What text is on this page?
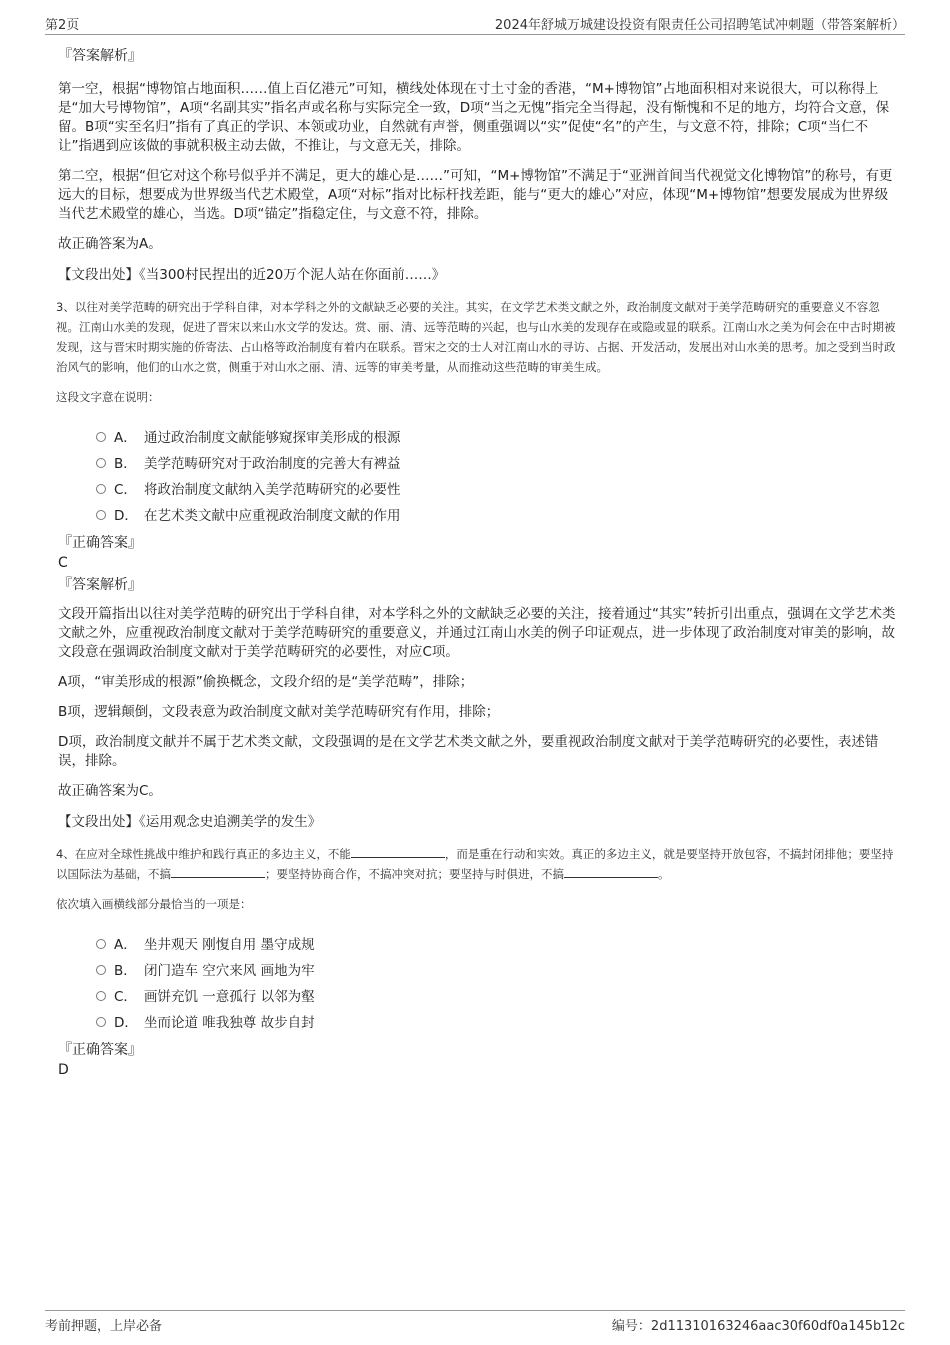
第2页	2024年舒城万城建设投资有限责任公司招聘笔试冲刺题（带答案解析）

『答案解析』

第一空，根据“博物馆占地面积……值上百亿港元”可知，横线处体现在寸土寸金的香港，“M+博物馆”占地面积相对来说很大，可以称得上是“加大号博物馆”，A项“名副其实”指名声或名称与实际完全一致，D项“当之无愧”指完全当得起，没有惭愧和不足的地方，均符合文意，保留。B项“实至名归”指有了真正的学识、本领或功业，自然就有声誉，侧重强调以“实”促使“名”的产生，与文意不符，排除；C项“当仁不让”指遇到应该做的事就积极主动去做，不推让，与文意无关，排除。

第二空，根据“但它对这个称号似乎并不满足，更大的雄心是……”可知，“M+博物馆”不满足于“亚洲首间当代视觉文化博物馆”的称号，有更远大的目标，想要成为世界级当代艺术殿堂，A项“对标”指对比标杆找差距，能与“更大的雄心”对应，体现“M+博物馆”想要发展成为世界级当代艺术殿堂的雄心，当选。D项“锚定”指稳定住，与文意不符，排除。

故正确答案为A。

【文段出处】《当300村民捏出的近20万个泥人站在你面前……》

3、以往对美学范畴的研究出于学科自律，对本学科之外的文献缺乏必要的关注。其实，在文学艺术类文献之外，政治制度文献对于美学范畴研究的重要意义不容忽视。江南山水美的发现，促进了晋宋以来山水文学的发达。赏、丽、清、远等范畴的兴起，也与山水美的发现存在或隐或显的联系。江南山水之美为何会在中古时期被发现，这与晋宋时期实施的侨寄法、占山格等政治制度有着内在联系。晋宋之交的士人对江南山水的寻访、占据、开发活动，发展出对山水美的思考。加之受到当时政治风气的影响，他们的山水之赏，侧重于对山水之丽、清、远等的审美考量，从而推动这些范畴的审美生成。

这段文字意在说明：

A． 通过政治制度文献能够窥探审美形成的根源
B． 美学范畴研究对于政治制度的完善大有裨益
C． 将政治制度文献纳入美学范畴研究的必要性
D． 在艺术类文献中应重视政治制度文献的作用

『正确答案』

C

『答案解析』

文段开篇指出以往对美学范畴的研究出于学科自律，对本学科之外的文献缺乏必要的关注，接着通过“其实”转折引出重点，强调在文学艺术类文献之外，应重视政治制度文献对于美学范畴研究的重要意义，并通过江南山水美的例子印证观点，进一步体现了政治制度对审美的影响，故文段意在强调政治制度文献对于美学范畴研究的必要性，对应C项。

A项，“审美形成的根源”偷换概念，文段介绍的是“美学范畴”，排除；

B项，逻辑颠倒，文段表意为政治制度文献对美学范畴研究有作用，排除；

D项，政治制度文献并不属于艺术类文献，文段强调的是在文学艺术类文献之外，要重视政治制度文献对于美学范畴研究的必要性，表述错误，排除。

故正确答案为C。

【文段出处】《运用观念史追溯美学的发生》

4、在应对全球性挑战中维护和践行真正的多边主义，不能	，而是重在行动和实效。真正的多边主义，就是要坚持开放包容，不搞封闭排他；要坚持以国际法为基础，不搞	；要坚持协商合作，不搞冲突对抗；要坚持与时俱进，不搞	。

依次填入画横线部分最恰当的一项是：

A． 坐井观天 刚愎自用 墨守成规
B． 闭门造车 空穴来风 画地为牢
C． 画饼充饥 一意孤行 以邻为壑
D． 坐而论道 唯我独尊 故步自封

『正确答案』

D

考前押题，上岸必备	编号：2d11310163246aac30f60df0a145b12c
